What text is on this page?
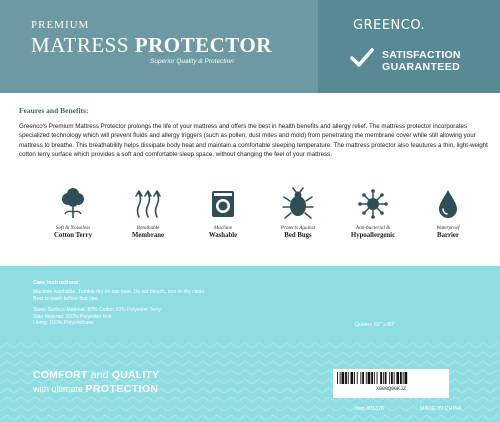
PREMIUM
MATRESS PROTECTOR
Superior Quality & Protection
GREENCO.
SATISFACTION
GUARANTEED
Feaures and Benefits:
Greenco's Premium Mattress Protector prolongs the life of your mattress and offers the best in health benefits and allergy relief. The mattress protector incorporates specialized technology which will prevent fluids and allergy triggers (such as pollen, dust mites and mold) from penetrating the membrane cover while still allowing your mattress to breathe. This breathability helps dissipate body heat and maintain a comfortable sleeping temperature. The mattress protector also feautures a thin, light-weight cotton terry surface which provides a soft and comfortable sleep space, without changing the feel of your mattress.
Soft & Noiseless
Cotton Terry
Breathable
Membrane
Machine
Washable
Protects Against
Bed Bugs
Anti-bacterial &
Hypoallergenic
Waterproof
Barrier
Care Instructions:
Machine washable. Tumble dry on low heat. Do not bleach, iron or dry clean.
Best to wash before first use.
Sleep Surface Material: 80% Cotton 20% Polyester Terry
Side Material: 100% Polyester Knit
Lining: 100% Polyurethane	Queen: 60" x 80"
COMFORT and QUALITY
with ultimate PROTECTION	X000Q9GKJZ
Item #01376	MADE IN CHINA
